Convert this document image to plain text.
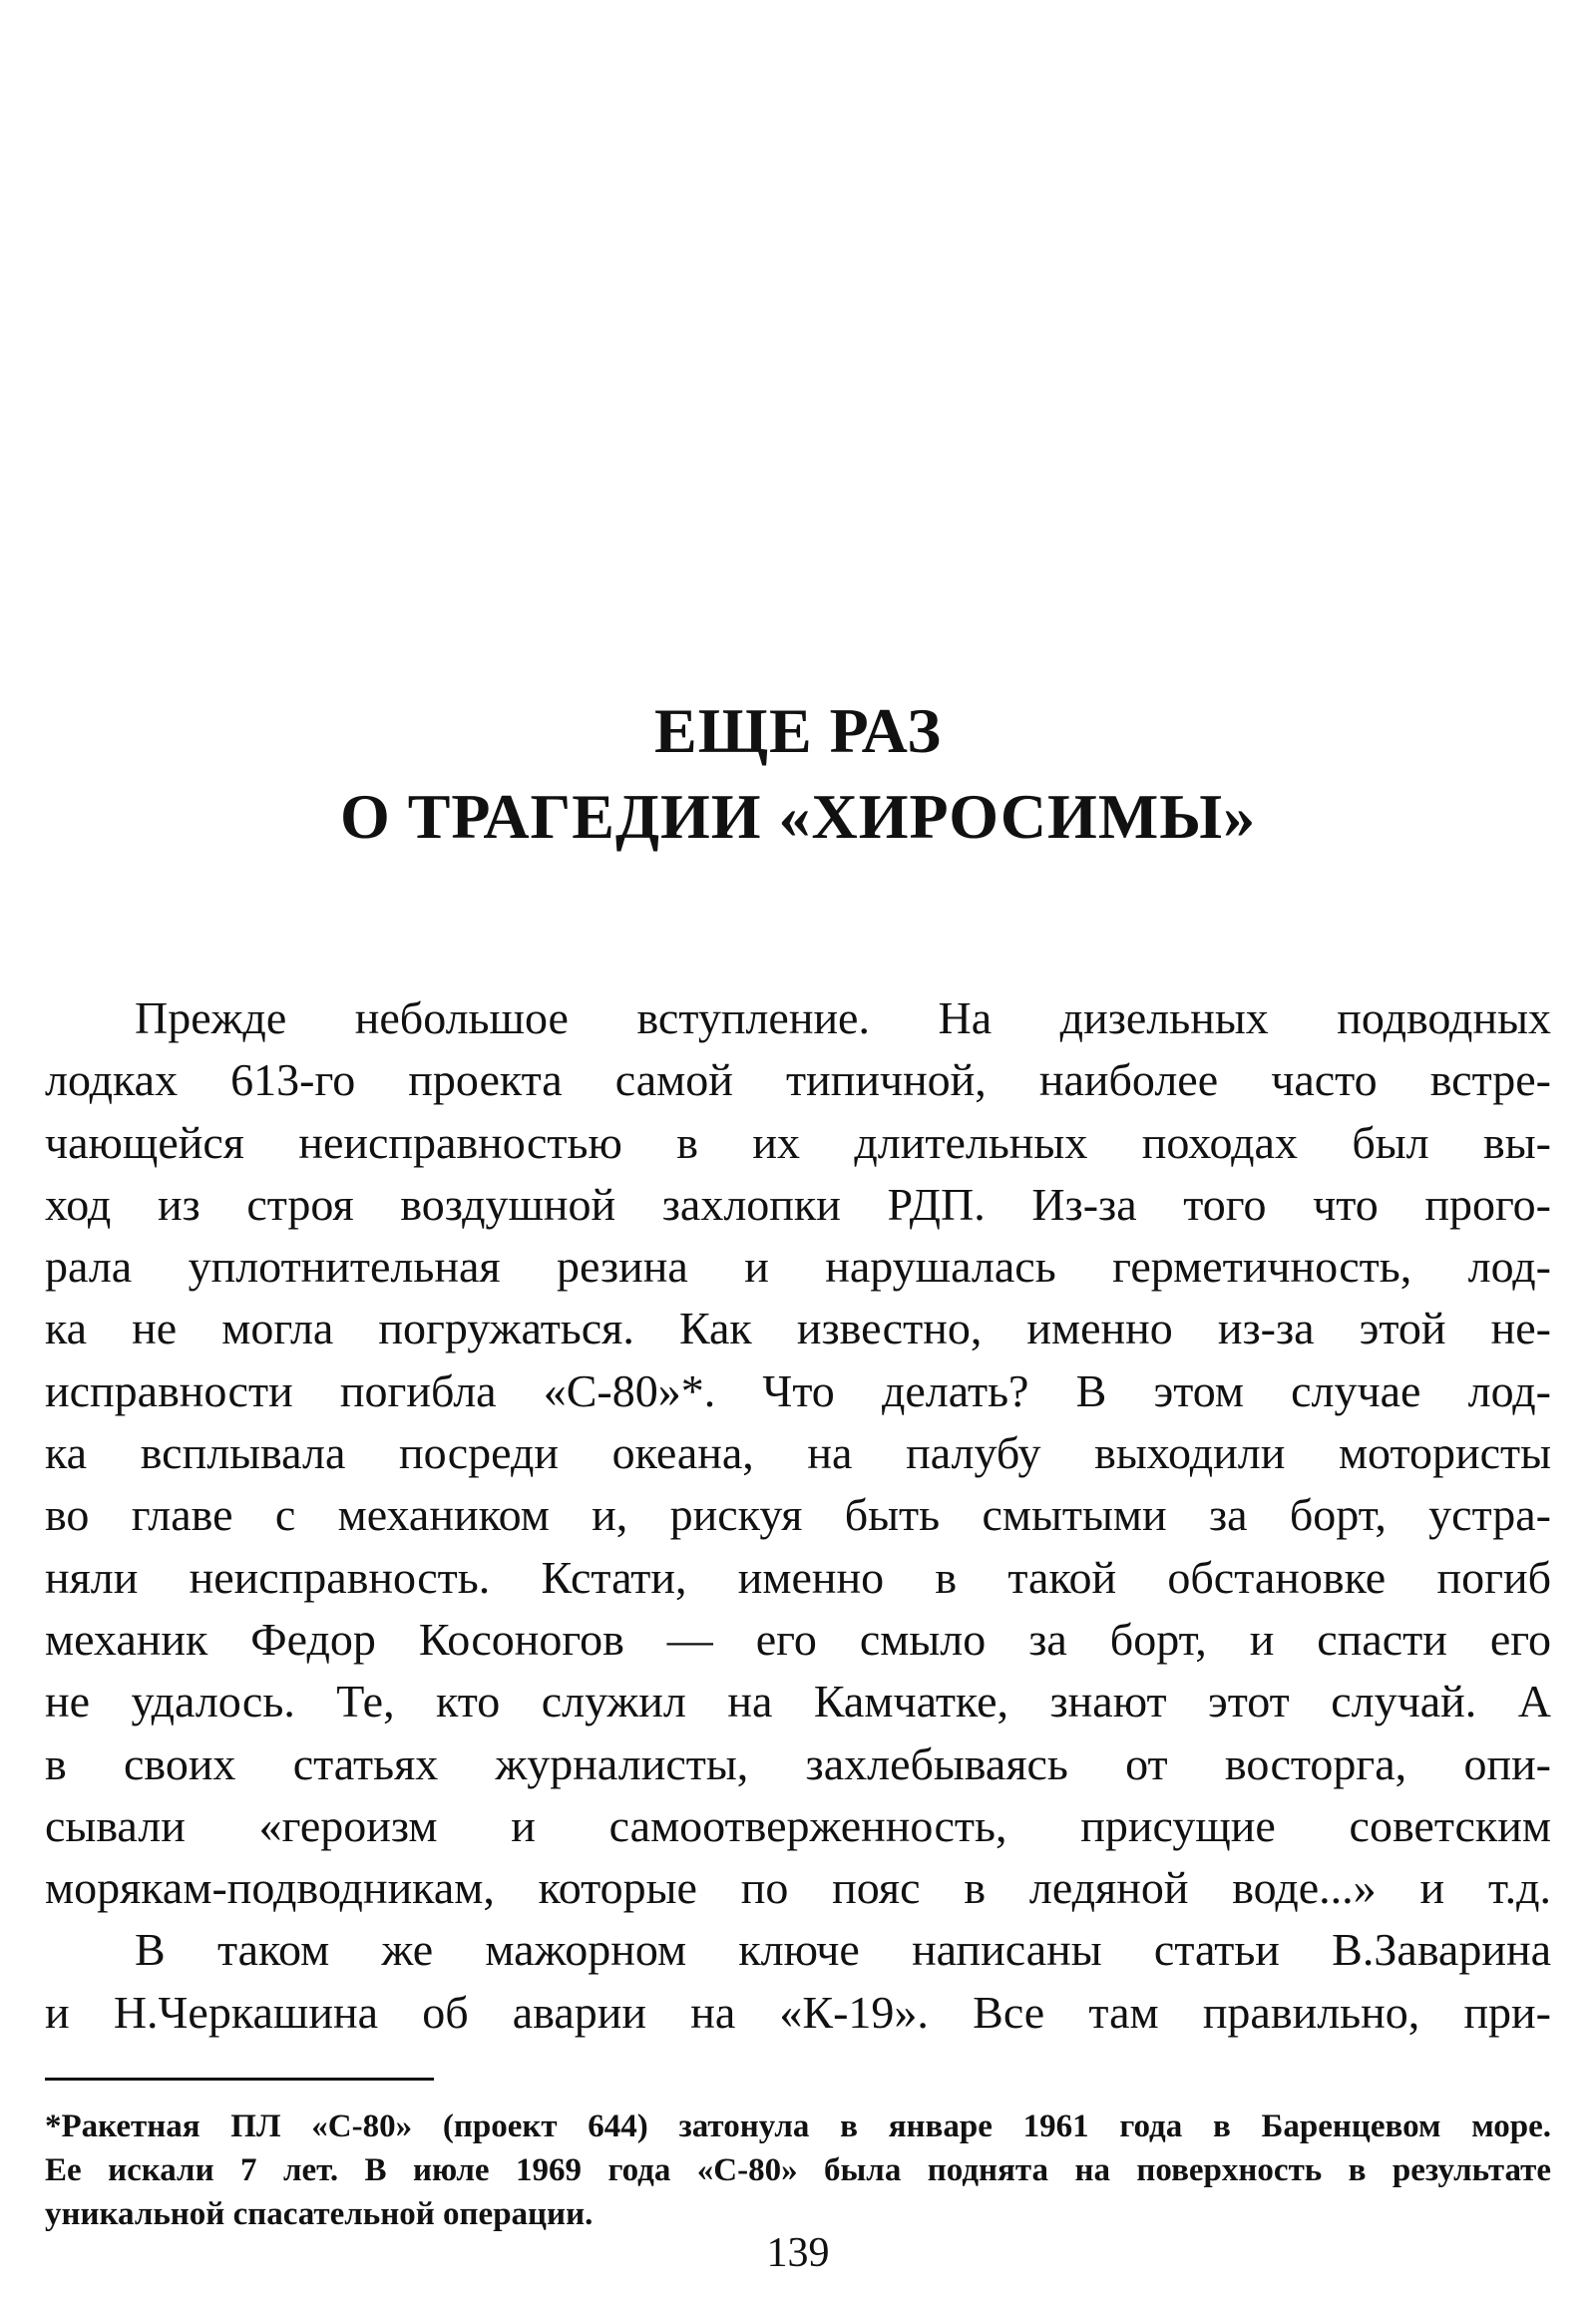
ЕЩЕ РАЗ
О ТРАГЕДИИ «ХИРОСИМЫ»
Прежде небольшое вступление. На дизельных подводных
лодках 613-го проекта самой типичной, наиболее часто встре-
чающейся неисправностью в их длительных походах был вы-
ход из строя воздушной захлопки РДП. Из-за того что прого-
рала уплотнительная резина и нарушалась герметичность, лод-
ка не могла погружаться. Как известно, именно из-за этой не-
исправности погибла «С-80»*. Что делать? В этом случае лод-
ка всплывала посреди океана, на палубу выходили мотористы
во главе с механиком и, рискуя быть смытыми за борт, устра-
няли неисправность. Кстати, именно в такой обстановке погиб
механик Федор Косоногов — его смыло за борт, и спасти его
не удалось. Те, кто служил на Камчатке, знают этот случай. А
в своих статьях журналисты, захлебываясь от восторга, опи-
сывали «героизм и самоотверженность, присущие советским
морякам-подводникам, которые по пояс в ледяной воде...» и т.д.
В таком же мажорном ключе написаны статьи В.Заварина
и Н.Черкашина об аварии на «К-19». Все там правильно, при-
*Ракетная ПЛ «С-80» (проект 644) затонула в январе 1961 года в Баренцевом море.
Ее искали 7 лет. В июле 1969 года «С-80» была поднята на поверхность в результате
уникальной спасательной операции.
139
